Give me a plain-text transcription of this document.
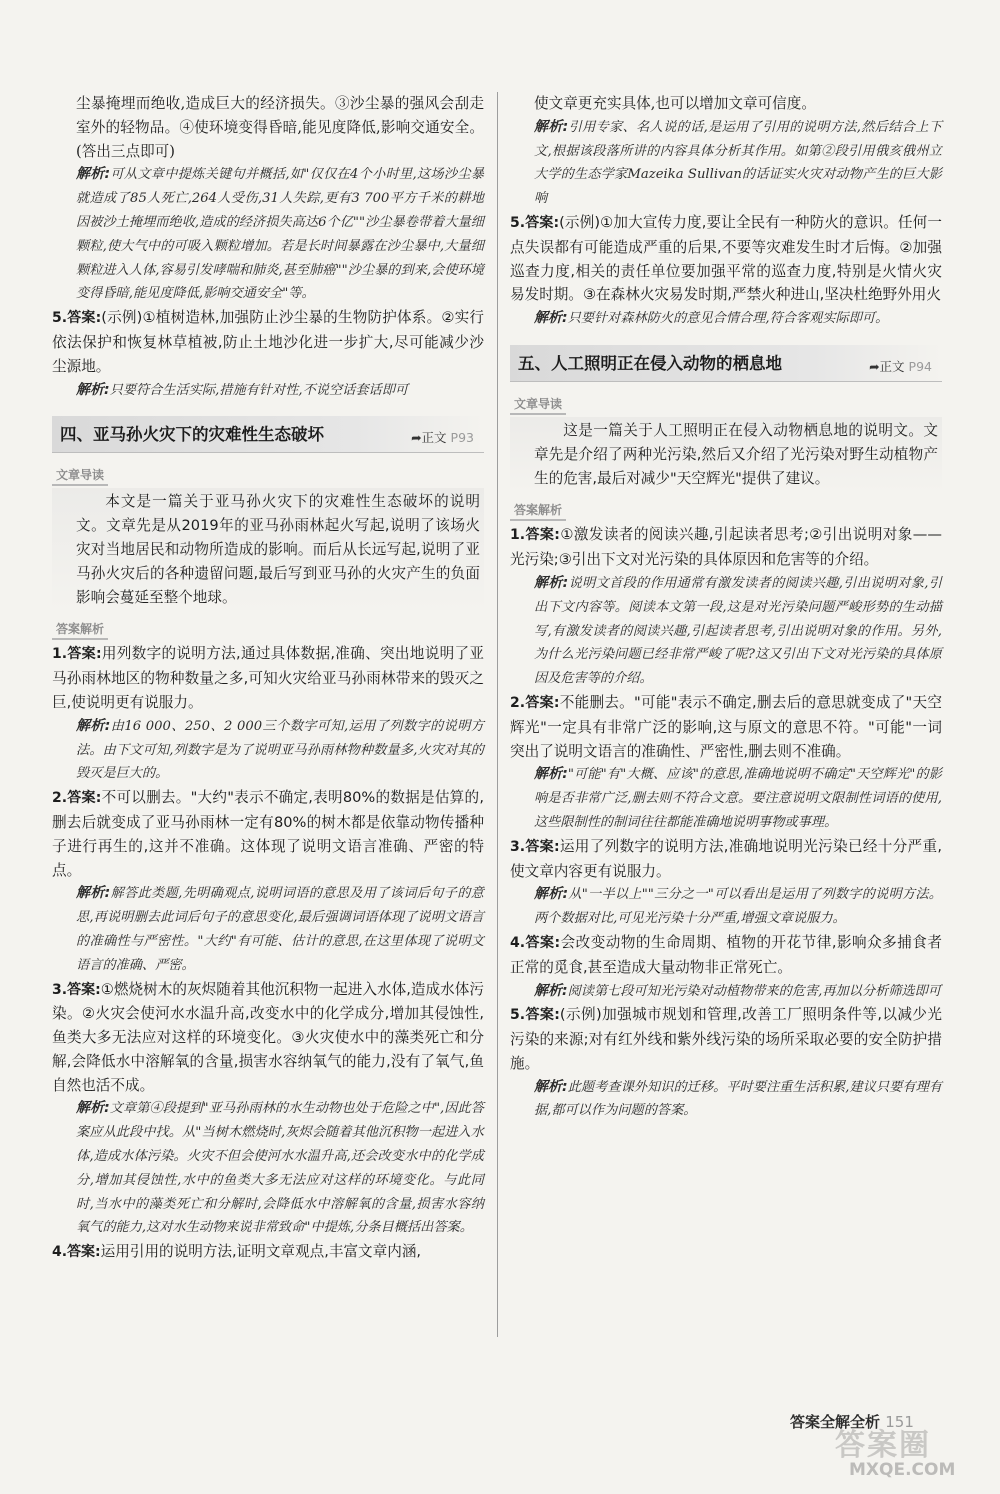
尘暴掩埋而绝收,造成巨大的经济损失。③沙尘暴的强风会刮走室外的轻物品。④使环境变得昏暗,能见度降低,影响交通安全。(答出三点即可)

解析:可从文章中提炼关键句并概括,如"仅仅在4个小时里,这场沙尘暴就造成了85人死亡,264人受伤,31人失踪,更有3 700平方千米的耕地因被沙土掩埋而绝收,造成的经济损失高达6个亿""沙尘暴卷带着大量细颗粒,使大气中的可吸入颗粒增加。若是长时间暴露在沙尘暴中,大量细颗粒进入人体,容易引发哮喘和肺炎,甚至肺癌""沙尘暴的到来,会使环境变得昏暗,能见度降低,影响交通安全"等。

5.答案:(示例)①植树造林,加强防止沙尘暴的生物防护体系。②实行依法保护和恢复林草植被,防止土地沙化进一步扩大,尽可能减少沙尘源地。

解析:只要符合生活实际,措施有针对性,不说空话套话即可

四、亚马孙火灾下的灾难性生态破坏	➦正文 P93
文章导读

本文是一篇关于亚马孙火灾下的灾难性生态破坏的说明文。文章先是从2019年的亚马孙雨林起火写起,说明了该场火灾对当地居民和动物所造成的影响。而后从长远写起,说明了亚马孙火灾后的各种遗留问题,最后写到亚马孙的火灾产生的负面影响会蔓延至整个地球。

答案解析

1.答案:用列数字的说明方法,通过具体数据,准确、突出地说明了亚马孙雨林地区的物种数量之多,可知火灾给亚马孙雨林带来的毁灭之巨,使说明更有说服力。

解析:由16 000、250、2 000三个数字可知,运用了列数字的说明方法。由下文可知,列数字是为了说明亚马孙雨林物种数量多,火灾对其的毁灭是巨大的。

2.答案:不可以删去。"大约"表示不确定,表明80%的数据是估算的,删去后就变成了亚马孙雨林一定有80%的树木都是依靠动物传播种子进行再生的,这并不准确。这体现了说明文语言准确、严密的特点。

解析:解答此类题,先明确观点,说明词语的意思及用了该词后句子的意思,再说明删去此词后句子的意思变化,最后强调词语体现了说明文语言的准确性与严密性。"大约"有可能、估计的意思,在这里体现了说明文语言的准确、严密。

3.答案:①燃烧树木的灰烬随着其他沉积物一起进入水体,造成水体污染。②火灾会使河水水温升高,改变水中的化学成分,增加其侵蚀性,鱼类大多无法应对这样的环境变化。③火灾使水中的藻类死亡和分解,会降低水中溶解氧的含量,损害水容纳氧气的能力,没有了氧气,鱼自然也活不成。

解析:文章第④段提到"亚马孙雨林的水生动物也处于危险之中",因此答案应从此段中找。从"当树木燃烧时,灰烬会随着其他沉积物一起进入水体,造成水体污染。火灾不但会使河水水温升高,还会改变水中的化学成分,增加其侵蚀性,水中的鱼类大多无法应对这样的环境变化。与此同时,当水中的藻类死亡和分解时,会降低水中溶解氧的含量,损害水容纳氧气的能力,这对水生动物来说非常致命"中提炼,分条目概括出答案。

4.答案:运用引用的说明方法,证明文章观点,丰富文章内涵,

使文章更充实具体,也可以增加文章可信度。

解析:引用专家、名人说的话,是运用了引用的说明方法,然后结合上下文,根据该段落所讲的内容具体分析其作用。如第②段引用俄亥俄州立大学的生态学家Mazeika Sullivan的话证实火灾对动物产生的巨大影响

5.答案:(示例)①加大宣传力度,要让全民有一种防火的意识。任何一点失误都有可能造成严重的后果,不要等灾难发生时才后悔。②加强巡查力度,相关的责任单位要加强平常的巡查力度,特别是火情火灾易发时期。③在森林火灾易发时期,严禁火种进山,坚决杜绝野外用火

解析:只要针对森林防火的意见合情合理,符合客观实际即可。

五、人工照明正在侵入动物的栖息地	➦正文 P94
文章导读

这是一篇关于人工照明正在侵入动物栖息地的说明文。文章先是介绍了两种光污染,然后又介绍了光污染对野生动植物产生的危害,最后对减少"天空辉光"提供了建议。

答案解析

1.答案:①激发读者的阅读兴趣,引起读者思考;②引出说明对象——光污染;③引出下文对光污染的具体原因和危害等的介绍。

解析:说明文首段的作用通常有激发读者的阅读兴趣,引出说明对象,引出下文内容等。阅读本文第一段,这是对光污染问题严峻形势的生动描写,有激发读者的阅读兴趣,引起读者思考,引出说明对象的作用。另外,为什么光污染问题已经非常严峻了呢?这又引出下文对光污染的具体原因及危害等的介绍。

2.答案:不能删去。"可能"表示不确定,删去后的意思就变成了"天空辉光"一定具有非常广泛的影响,这与原文的意思不符。"可能"一词突出了说明文语言的准确性、严密性,删去则不准确。

解析:"可能"有"大概、应该"的意思,准确地说明不确定"天空辉光"的影响是否非常广泛,删去则不符合文意。要注意说明文限制性词语的使用,这些限制性的制词往往都能准确地说明事物或事理。

3.答案:运用了列数字的说明方法,准确地说明光污染已经十分严重,使文章内容更有说服力。

解析:从"一半以上""三分之一"可以看出是运用了列数字的说明方法。两个数据对比,可见光污染十分严重,增强文章说服力。

4.答案:会改变动物的生命周期、植物的开花节律,影响众多捕食者正常的觅食,甚至造成大量动物非正常死亡。

解析:阅读第七段可知光污染对动植物带来的危害,再加以分析筛选即可

5.答案:(示例)加强城市规划和管理,改善工厂照明条件等,以减少光污染的来源;对有红外线和紫外线污染的场所采取必要的安全防护措施。

解析:此题考查课外知识的迁移。平时要注重生活积累,建议只要有理有据,都可以作为问题的答案。

答案全解全析 151
答案圈
MXQE.COM
